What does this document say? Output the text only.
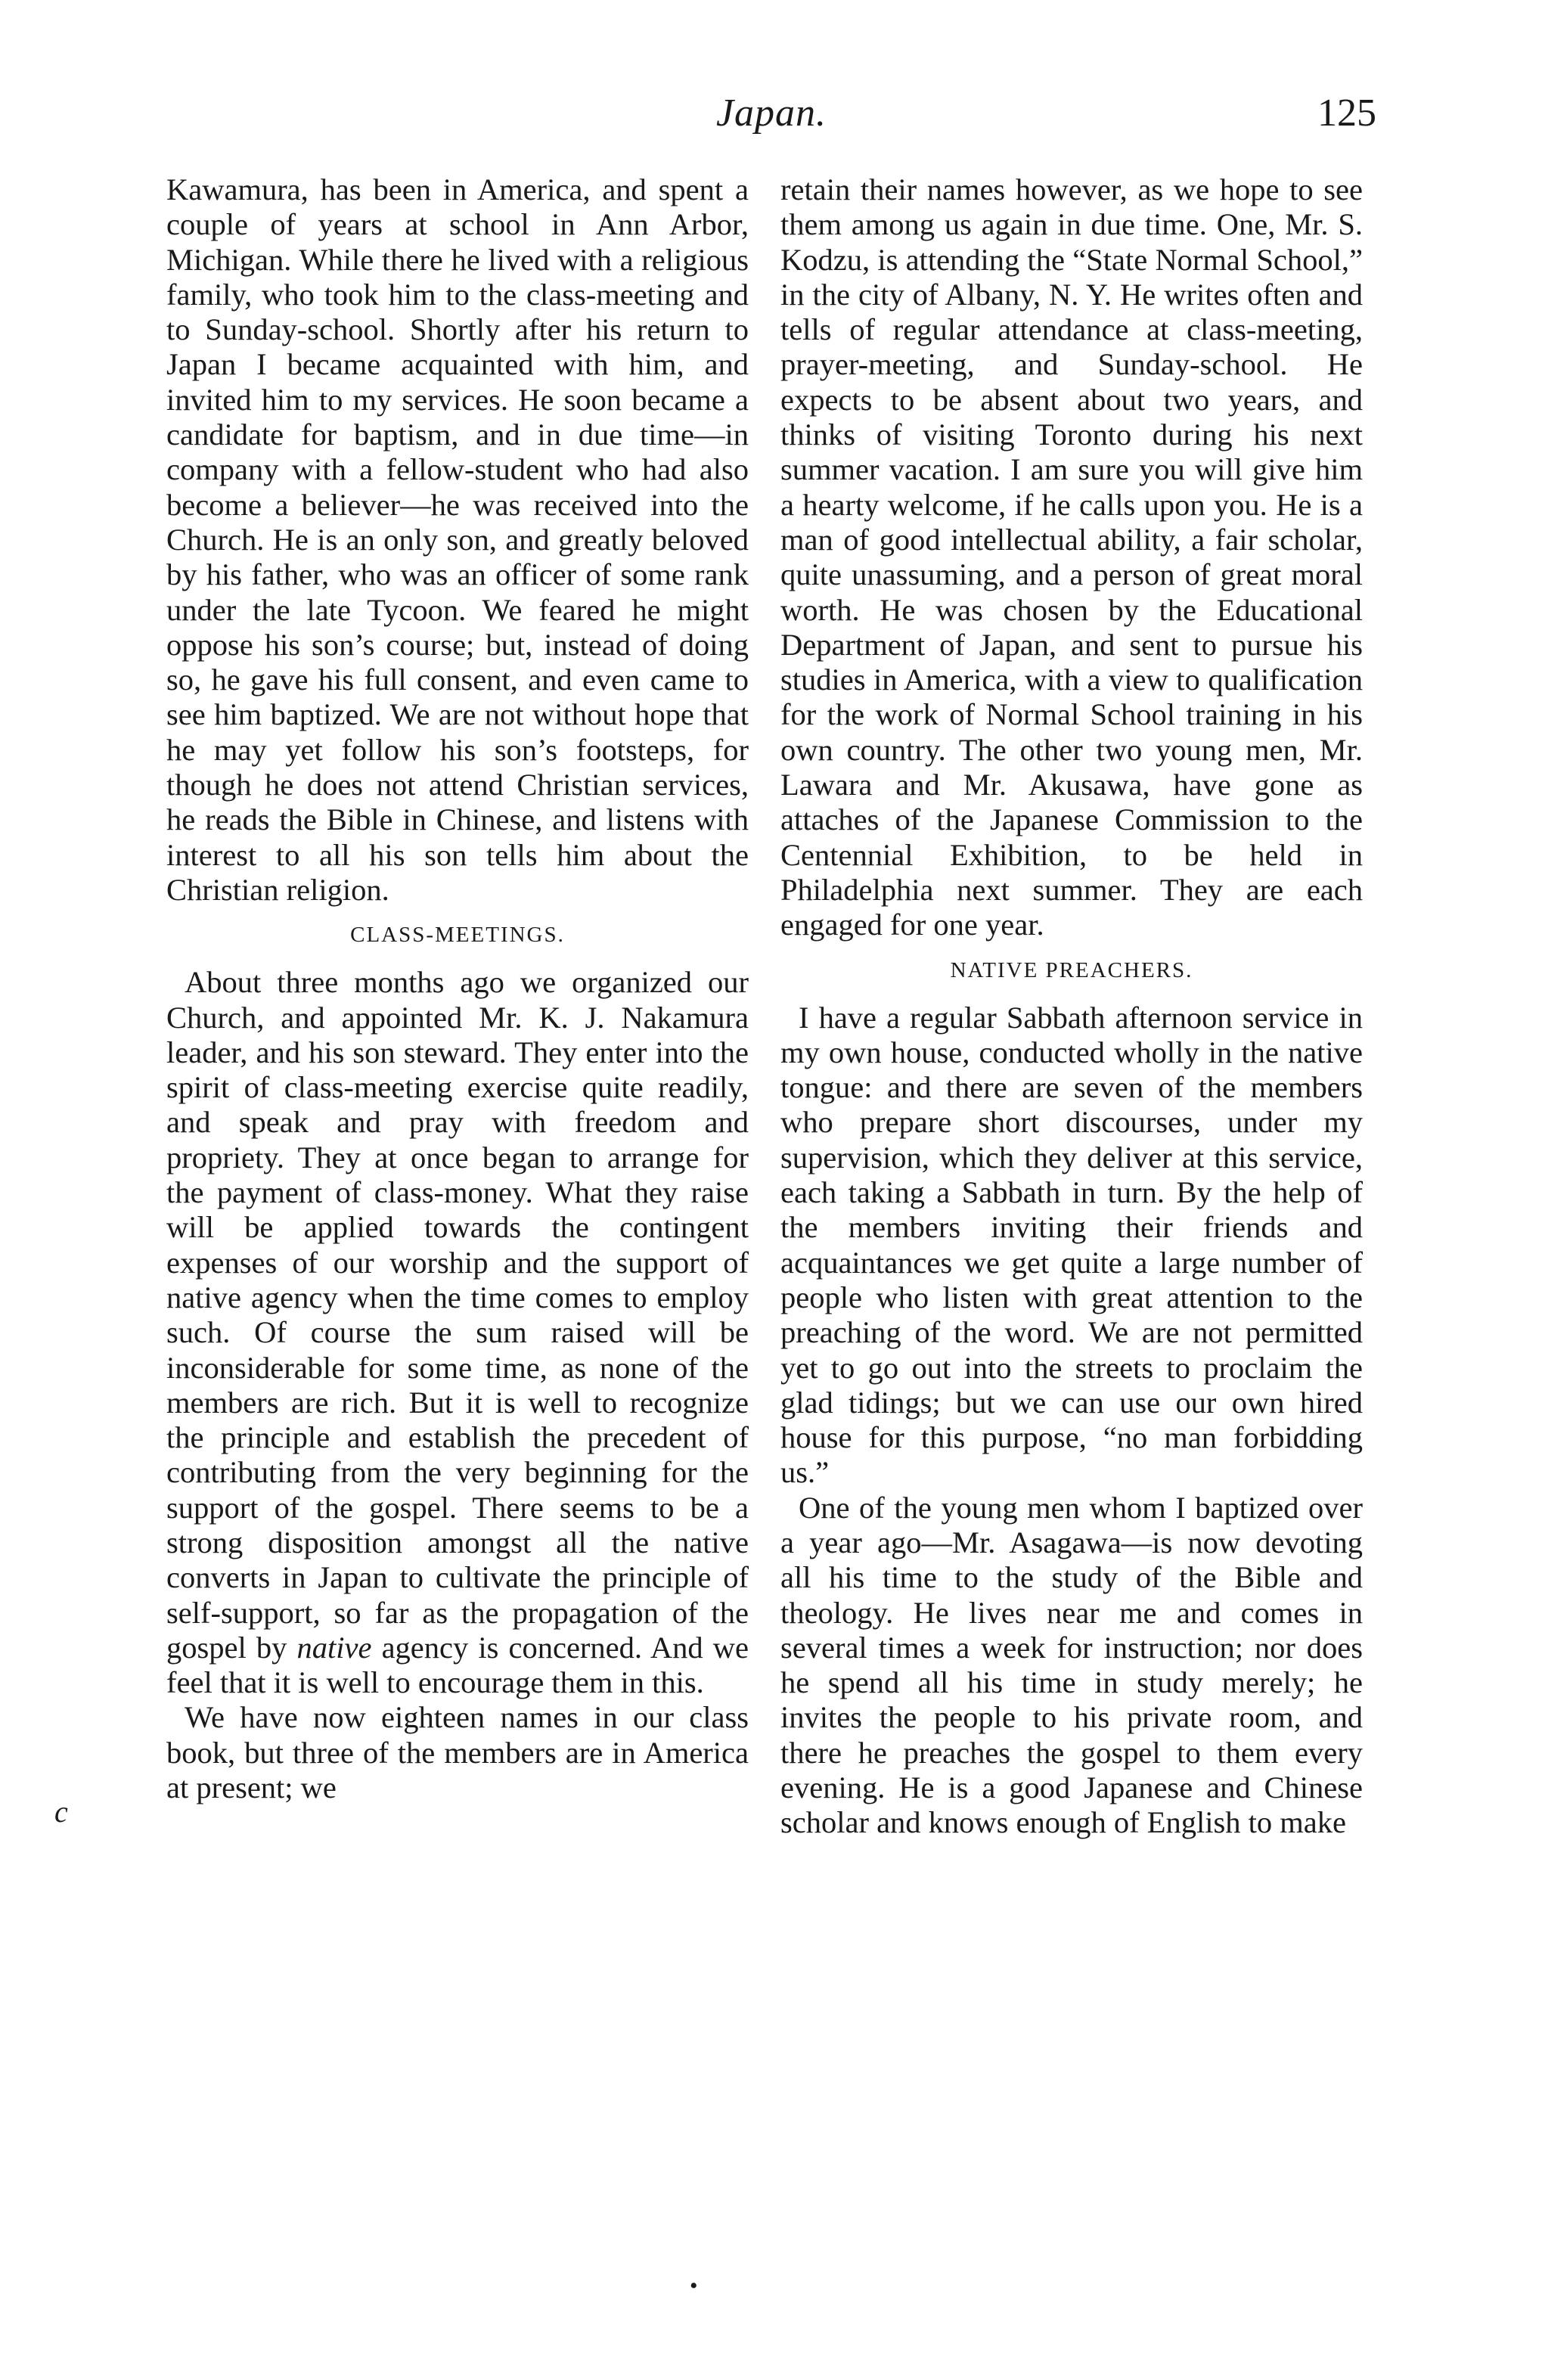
Japan.	125

Kawamura, has been in America, and spent a couple of years at school in Ann Arbor, Michigan. While there he lived with a religious family, who took him to the class-meeting and to Sunday-school. Shortly after his return to Japan I became acquainted with him, and invited him to my services. He soon became a candidate for baptism, and in due time—in company with a fellow-student who had also become a believer—he was received into the Church. He is an only son, and greatly beloved by his father, who was an officer of some rank under the late Tycoon. We feared he might oppose his son’s course; but, instead of doing so, he gave his full consent, and even came to see him baptized. We are not without hope that he may yet follow his son’s footsteps, for though he does not attend Christian services, he reads the Bible in Chinese, and listens with interest to all his son tells him about the Christian religion.

CLASS-MEETINGS.

About three months ago we organized our Church, and appointed Mr. K. J. Nakamura leader, and his son steward. They enter into the spirit of class-meeting exercise quite readily, and speak and pray with freedom and propriety. They at once began to arrange for the payment of class-money. What they raise will be applied towards the contingent expenses of our worship and the support of native agency when the time comes to employ such. Of course the sum raised will be inconsiderable for some time, as none of the members are rich. But it is well to recognize the principle and establish the precedent of contributing from the very beginning for the support of the gospel. There seems to be a strong disposition amongst all the native converts in Japan to cultivate the principle of self-support, so far as the propagation of the gospel by native agency is concerned. And we feel that it is well to encourage them in this.

We have now eighteen names in our class book, but three of the members are in America at present; we

retain their names however, as we hope to see them among us again in due time. One, Mr. S. Kodzu, is attending the “State Normal School,” in the city of Albany, N. Y. He writes often and tells of regular attendance at class-meeting, prayer-meeting, and Sunday-school. He expects to be absent about two years, and thinks of visiting Toronto during his next summer vacation. I am sure you will give him a hearty welcome, if he calls upon you. He is a man of good intellectual ability, a fair scholar, quite unassuming, and a person of great moral worth. He was chosen by the Educational Department of Japan, and sent to pursue his studies in America, with a view to qualification for the work of Normal School training in his own country. The other two young men, Mr. Lawara and Mr. Akusawa, have gone as attaches of the Japanese Commission to the Centennial Exhibition, to be held in Philadelphia next summer. They are each engaged for one year.

NATIVE PREACHERS.

I have a regular Sabbath afternoon service in my own house, conducted wholly in the native tongue: and there are seven of the members who prepare short discourses, under my supervision, which they deliver at this service, each taking a Sabbath in turn. By the help of the members inviting their friends and acquaintances we get quite a large number of people who listen with great attention to the preaching of the word. We are not permitted yet to go out into the streets to proclaim the glad tidings; but we can use our own hired house for this purpose, “no man forbidding us.”

One of the young men whom I baptized over a year ago—Mr. Asagawa—is now devoting all his time to the study of the Bible and theology. He lives near me and comes in several times a week for instruction; nor does he spend all his time in study merely; he invites the people to his private room, and there he preaches the gospel to them every evening. He is a good Japanese and Chinese scholar and knows enough of English to make

c
•
